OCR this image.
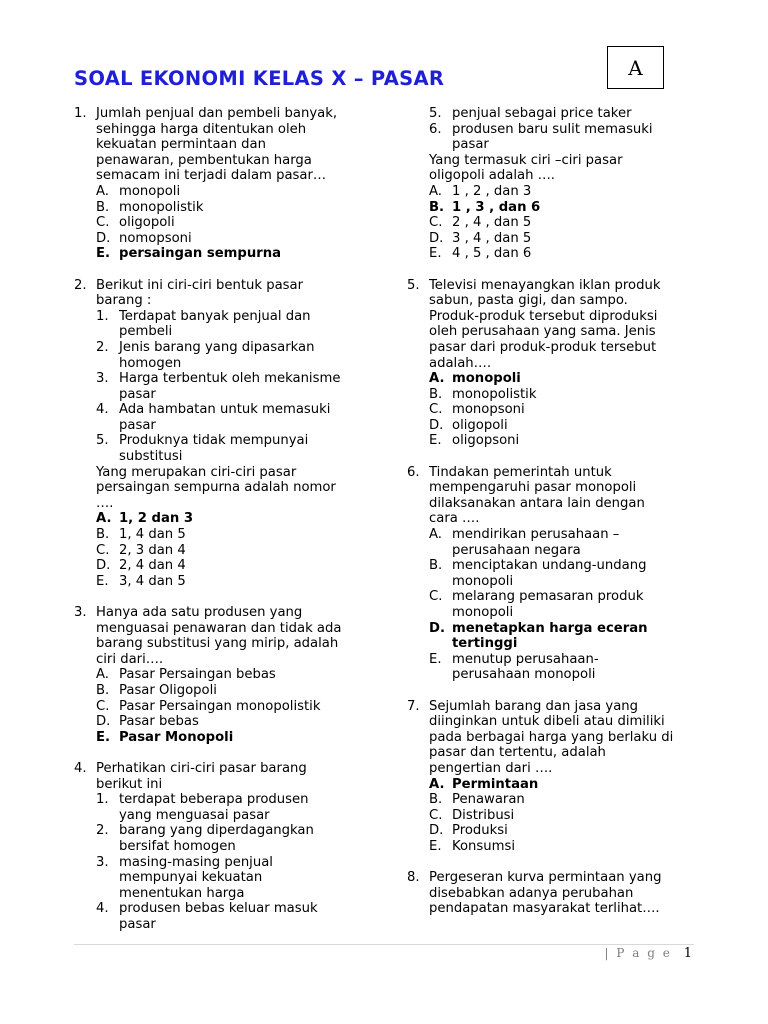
SOAL EKONOMI KELAS X – PASAR	A
1. Jumlah penjual dan pembeli banyak,
sehingga harga ditentukan oleh
kekuatan permintaan dan
penawaran, pembentukan harga
semacam ini terjadi dalam pasar…
A. monopoli
B. monopolistik
C. oligopoli
D. nomopsoni
E. persaingan sempurna
2. Berikut ini ciri-ciri bentuk pasar
barang :
1. Terdapat banyak penjual dan
pembeli
2. Jenis barang yang dipasarkan
homogen
3. Harga terbentuk oleh mekanisme
pasar
4. Ada hambatan untuk memasuki
pasar
5. Produknya tidak mempunyai
substitusi
Yang merupakan ciri-ciri pasar
persaingan sempurna adalah nomor
….
A. 1, 2 dan 3
B. 1, 4 dan 5
C. 2, 3 dan 4
D. 2, 4 dan 4
E. 3, 4 dan 5
3. Hanya ada satu produsen yang
menguasai penawaran dan tidak ada
barang substitusi yang mirip, adalah
ciri dari….
A. Pasar Persaingan bebas
B. Pasar Oligopoli
C. Pasar Persaingan monopolistik
D. Pasar bebas
E. Pasar Monopoli
4. Perhatikan ciri-ciri pasar barang
berikut ini
1. terdapat beberapa produsen
yang menguasai pasar
2. barang yang diperdagangkan
bersifat homogen
3. masing-masing penjual
mempunyai kekuatan
menentukan harga
4. produsen bebas keluar masuk
pasar
5. penjual sebagai price taker
6. produsen baru sulit memasuki
pasar
Yang termasuk ciri –ciri pasar
oligopoli adalah ….
A. 1 , 2 , dan 3
B. 1 , 3 , dan 6
C. 2 , 4 , dan 5
D. 3 , 4 , dan 5
E. 4 , 5 , dan 6
5. Televisi menayangkan iklan produk
sabun, pasta gigi, dan sampo.
Produk-produk tersebut diproduksi
oleh perusahaan yang sama. Jenis
pasar dari produk-produk tersebut
adalah….
A. monopoli
B. monopolistik
C. monopsoni
D. oligopoli
E. oligopsoni
6. Tindakan pemerintah untuk
mempengaruhi pasar monopoli
dilaksanakan antara lain dengan
cara ….
A. mendirikan perusahaan –
perusahaan negara
B. menciptakan undang-undang
monopoli
C. melarang pemasaran produk
monopoli
D. menetapkan harga eceran
tertinggi
E. menutup perusahaan-
perusahaan monopoli
7. Sejumlah barang dan jasa yang
diinginkan untuk dibeli atau dimiliki
pada berbagai harga yang berlaku di
pasar dan tertentu, adalah
pengertian dari ….
A. Permintaan
B. Penawaran
C. Distribusi
D. Produksi
E. Konsumsi
8. Pergeseran kurva permintaan yang
disebabkan adanya perubahan
pendapatan masyarakat terlihat….
| P a g e 1
